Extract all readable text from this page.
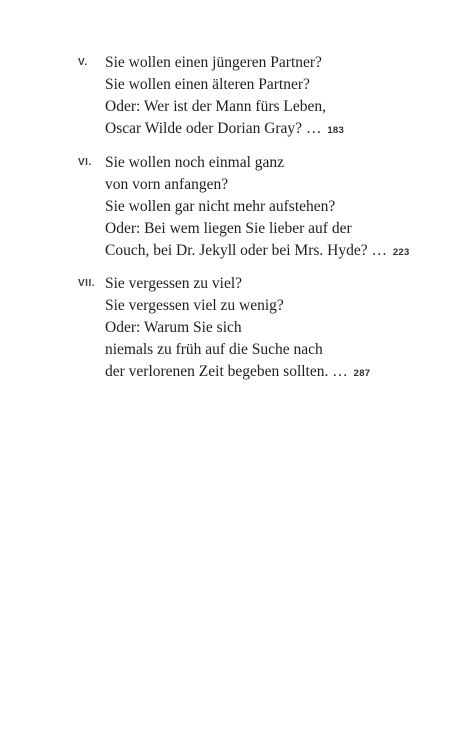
V. Sie wollen einen jüngeren Partner?
Sie wollen einen älteren Partner?
Oder: Wer ist der Mann fürs Leben,
Oscar Wilde oder Dorian Gray? … 183
VI. Sie wollen noch einmal ganz
von vorn anfangen?
Sie wollen gar nicht mehr aufstehen?
Oder: Bei wem liegen Sie lieber auf der
Couch, bei Dr. Jekyll oder bei Mrs. Hyde? … 223
VII. Sie vergessen zu viel?
Sie vergessen viel zu wenig?
Oder: Warum Sie sich
niemals zu früh auf die Suche nach
der verlorenen Zeit begeben sollten. … 287
